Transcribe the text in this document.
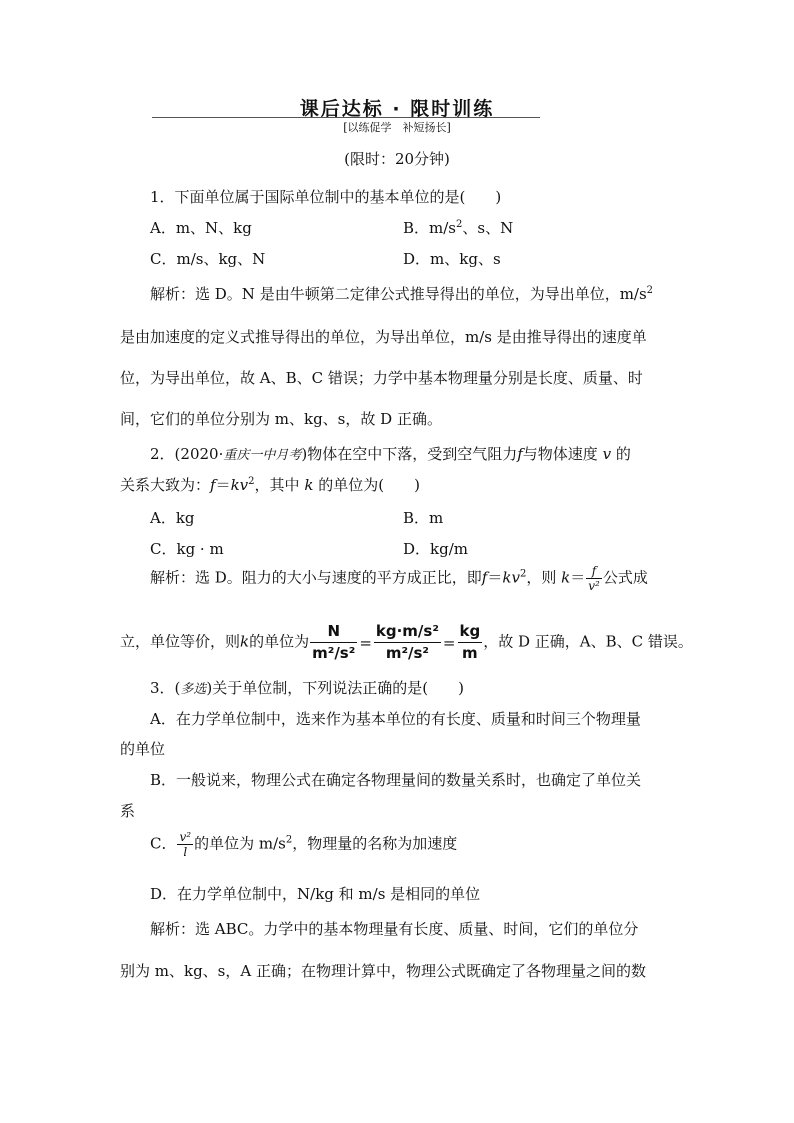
课后达标 · 限时训练
[以练促学　补短扬长]
(限时：20分钟)
1．下面单位属于国际单位制中的基本单位的是(　　)
A．m、N、kg	B．$m/s^2$、s、N
C．m/s、kg、N	D．m、kg、s
解析：选 D。N 是由牛顿第二定律公式推导得出的单位，为导出单位，$m/s^2$
是由加速度的定义式推导得出的单位，为导出单位，m/s 是由推导得出的速度单
位，为导出单位，故 A、B、C 错误；力学中基本物理量分别是长度、质量、时
间，它们的单位分别为 m、kg、s，故 D 正确。
2．(2020·重庆一中月考)物体在空中下落，受到空气阻力f与物体速度 v 的
关系大致为：$f=kv^2$，其中 k 的单位为(　　)
A．kg	B．m
C．kg · m	D．kg/m
解析：选 D。阻力的大小与速度的平方成正比，即$f=kv^2$，则 $k= \frac{f}{\text{v²}}$ 公式成
立，单位等价，则k的单位为 $\frac{N}{\text{m²/s²}} = \frac{\text{kg·m/s²}}{\text{m²/s²}} = \frac{kg}{m}$ ，故 D 正确，A、B、C 错误。
3．(多选)关于单位制，下列说法正确的是(　　)
A．在力学单位制中，选来作为基本单位的有长度、质量和时间三个物理量
的单位
B．一般说来，物理公式在确定各物理量间的数量关系时，也确定了单位关
系
C． $\frac{\text{v²}}{l}$ 的单位为 $m/s^2$，物理量的名称为加速度
D．在力学单位制中，N/kg 和 m/s 是相同的单位
解析：选 ABC。力学中的基本物理量有长度、质量、时间，它们的单位分
别为 m、kg、s，A 正确；在物理计算中，物理公式既确定了各物理量之间的数
